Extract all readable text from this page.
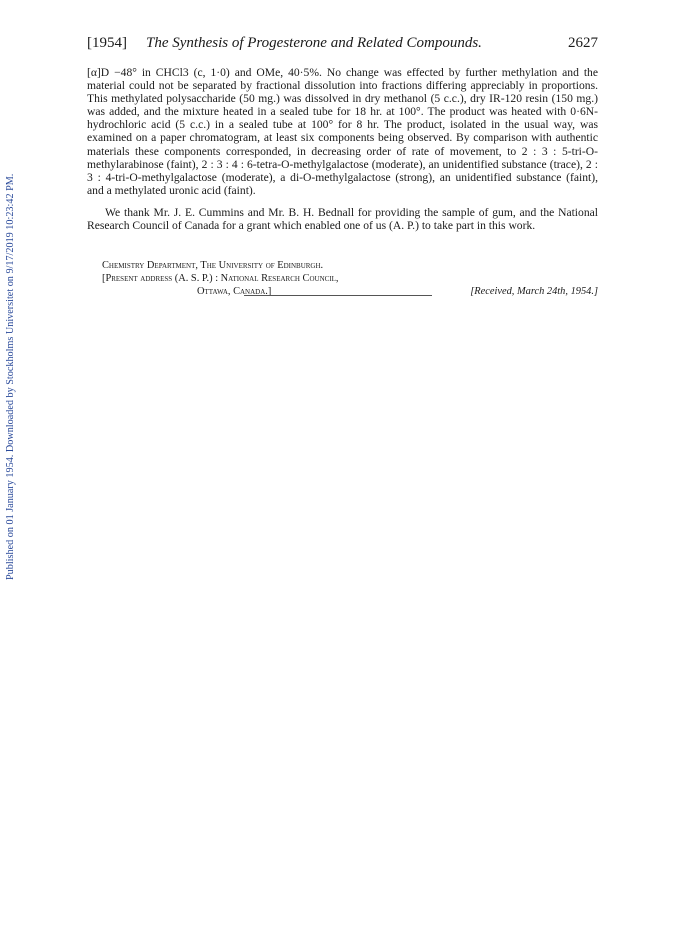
Published on 01 January 1954. Downloaded by Stockholms Universitet on 9/17/2019 10:23:42 PM.
[1954] The Synthesis of Progesterone and Related Compounds.	2627

[α]D −48° in CHCl3 (c, 1·0) and OMe, 40·5%. No change was effected by further methylation and the material could not be separated by fractional dissolution into fractions differing appreciably in proportions. This methylated polysaccharide (50 mg.) was dissolved in dry methanol (5 c.c.), dry IR-120 resin (150 mg.) was added, and the mixture heated in a sealed tube for 18 hr. at 100°. The product was heated with 0·6N-hydrochloric acid (5 c.c.) in a sealed tube at 100° for 8 hr. The product, isolated in the usual way, was examined on a paper chromatogram, at least six components being observed. By comparison with authentic materials these components corresponded, in decreasing order of rate of movement, to 2 : 3 : 5-tri-O-methylarabinose (faint), 2 : 3 : 4 : 6-tetra-O-methylgalactose (moderate), an unidentified substance (trace), 2 : 3 : 4-tri-O-methylgalactose (moderate), a di-O-methylgalactose (strong), an unidentified substance (faint), and a methylated uronic acid (faint).

We thank Mr. J. E. Cummins and Mr. B. H. Bednall for providing the sample of gum, and the National Research Council of Canada for a grant which enabled one of us (A. P.) to take part in this work.

Chemistry Department, The University of Edinburgh.
[Present address (A. S. P.) : National Research Council,
Ottawa, Canada.]	[Received, March 24th, 1954.]
